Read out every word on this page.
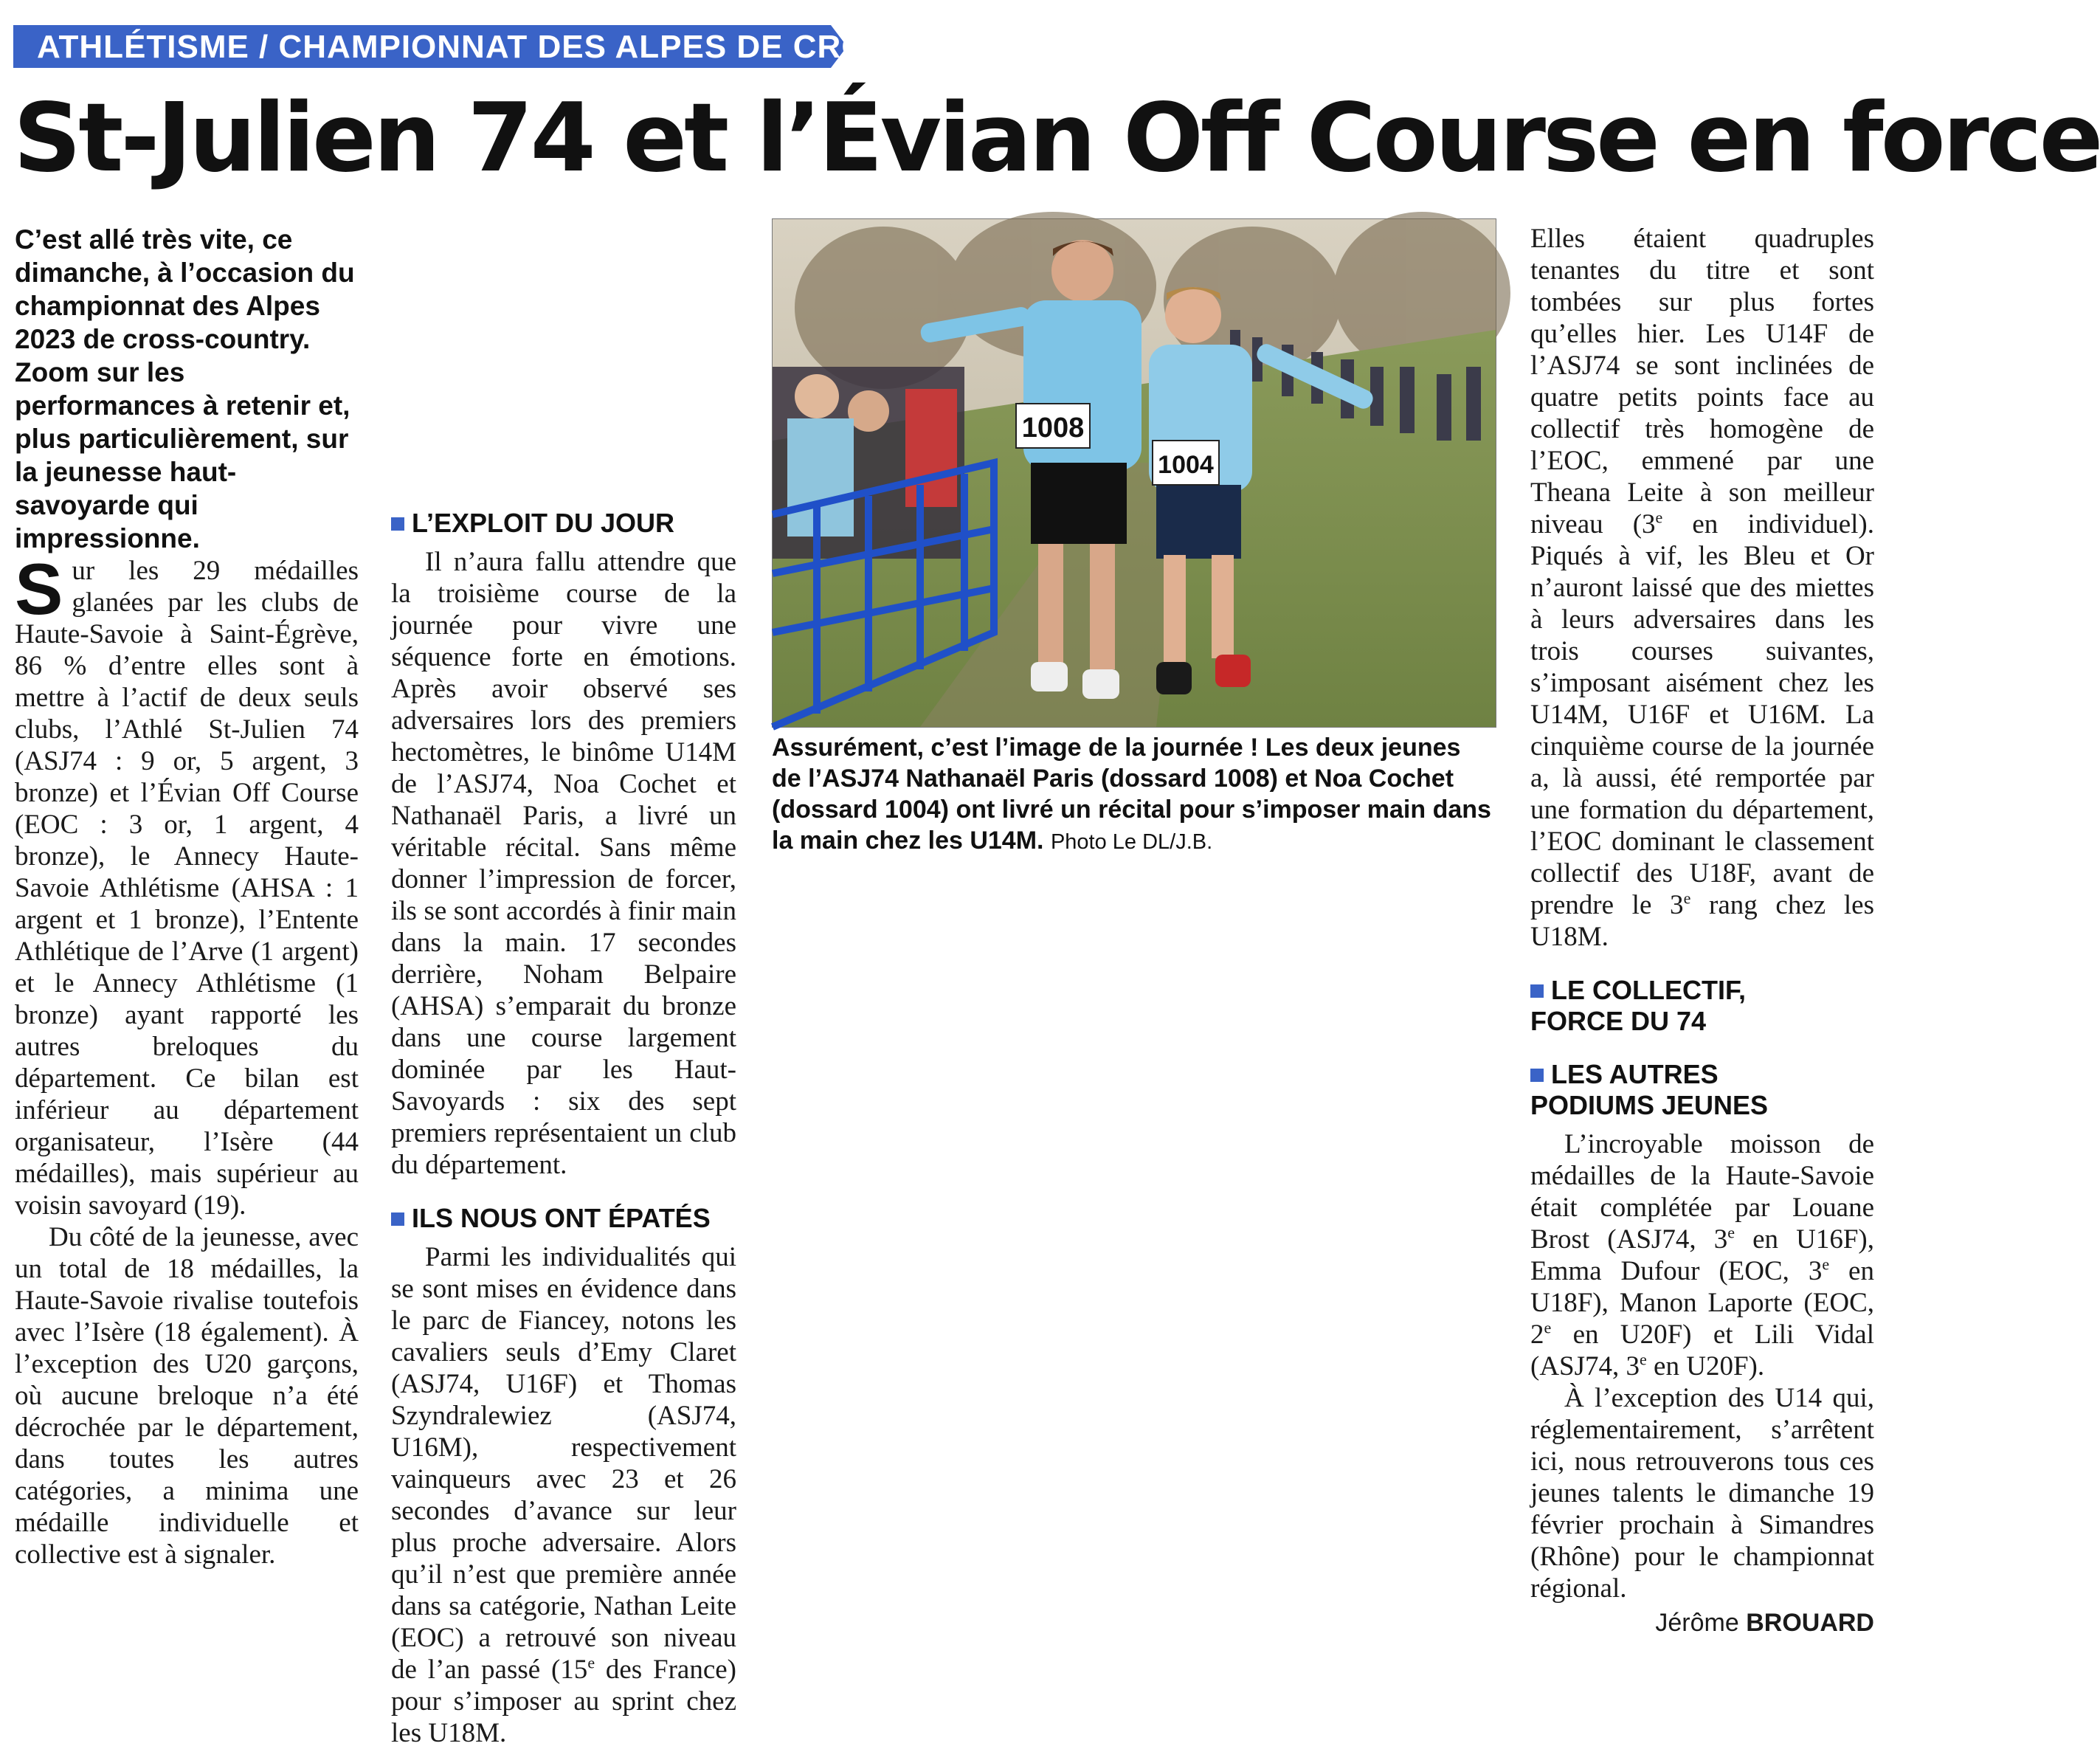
ATHLÉTISME / CHAMPIONNAT DES ALPES DE CROSS
St-Julien 74 et l’Évian Off Course en force

C’est allé très vite, ce dimanche, à l’occasion du championnat des Alpes 2023 de cross-country. Zoom sur les performances à retenir et, plus particulièrement, sur la jeunesse haut-savoyarde qui impressionne.

Sur les 29 médailles glanées par les clubs de Haute-Savoie à Saint-Égrève, 86 % d’entre elles sont à mettre à l’actif de deux seuls clubs, l’Athlé St-Julien 74 (ASJ74 : 9 or, 5 argent, 3 bronze) et l’Évian Off Course (EOC : 3 or, 1 argent, 4 bronze), le Annecy Haute-Savoie Athlétisme (AHSA : 1 argent et 1 bronze), l’Entente Athlétique de l’Arve (1 argent) et le Annecy Athlétisme (1 bronze) ayant rapporté les autres breloques du département. Ce bilan est inférieur au département organisateur, l’Isère (44 médailles), mais supérieur au voisin savoyard (19).

Du côté de la jeunesse, avec un total de 18 médailles, la Haute-Savoie rivalise toutefois avec l’Isère (18 également). À l’exception des U20 garçons, où aucune breloque n’a été décrochée par le département, dans toutes les autres catégories, a minima une médaille individuelle et collective est à signaler.

1008
1004
Assurément, c’est l’image de la journée ! Les deux jeunes de l’ASJ74 Nathanaël Paris (dossard 1008) et Noa Cochet (dossard 1004) ont livré un récital pour s’imposer main dans la main chez les U14M. Photo Le DL/J.B.
L’EXPLOIT DU JOUR

Il n’aura fallu attendre que la troisième course de la journée pour vivre une séquence forte en émotions. Après avoir observé ses adversaires lors des premiers hectomètres, le binôme U14M de l’ASJ74, Noa Cochet et Nathanaël Paris, a livré un véritable récital. Sans même donner l’impression de forcer, ils se sont accordés à finir main dans la main. 17 secondes derrière, Noham Belpaire (AHSA) s’emparait du bronze dans une course largement dominée par les Haut-Savoyards : six des sept premiers représentaient un club du département.

ILS NOUS ONT ÉPATÉS

Parmi les individualités qui se sont mises en évidence dans le parc de Fiancey, notons les cavaliers seuls d’Emy Claret (ASJ74, U16F) et Thomas Szyndralewiez (ASJ74, U16M), respectivement vainqueurs avec 23 et 26 secondes d’avance sur leur plus proche adversaire. Alors qu’il n’est que première année dans sa catégorie, Nathan Leite (EOC) a retrouvé son niveau de l’an passé (15e des France) pour s’imposer au sprint chez les U18M.

Elles étaient quadruples tenantes du titre et sont tombées sur plus fortes qu’elles hier. Les U14F de l’ASJ74 se sont inclinées de quatre petits points face au collectif très homogène de l’EOC, emmené par une Theana Leite à son meilleur niveau (3e en individuel). Piqués à vif, les Bleu et Or n’auront laissé que des miettes à leurs adversaires dans les trois courses suivantes, s’imposant aisément chez les U14M, U16F et U16M. La cinquième course de la journée a, là aussi, été remportée par une formation du département, l’EOC dominant le classement collectif des U18F, avant de prendre le 3e rang chez les U18M.

LE COLLECTIF,
FORCE DU 74
LES AUTRES
PODIUMS JEUNES

L’incroyable moisson de médailles de la Haute-Savoie était complétée par Louane Brost (ASJ74, 3e en U16F), Emma Dufour (EOC, 3e en U18F), Manon Laporte (EOC, 2e en U20F) et Lili Vidal (ASJ74, 3e en U20F).

À l’exception des U14 qui, réglementairement, s’arrêtent ici, nous retrouverons tous ces jeunes talents le dimanche 19 février prochain à Simandres (Rhône) pour le championnat régional.

Jérôme BROUARD
